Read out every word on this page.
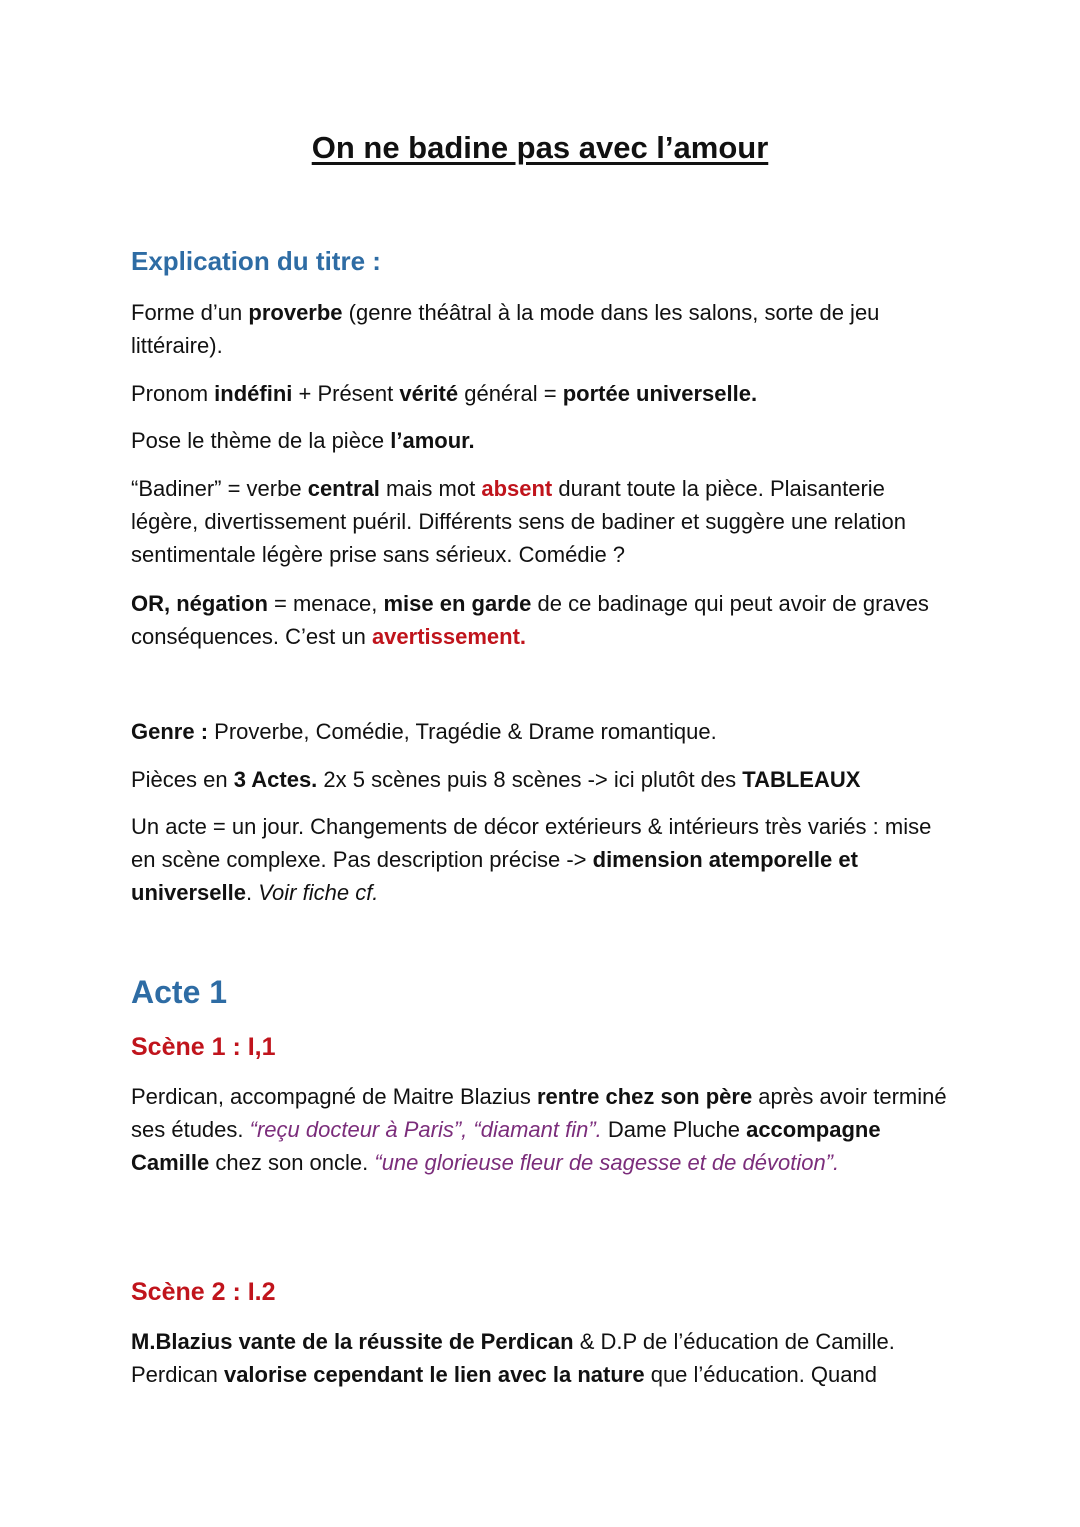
On ne badine pas avec l’amour
Explication du titre :

Forme d’un proverbe (genre théâtral à la mode dans les salons, sorte de jeu littéraire).

Pronom indéfini + Présent vérité général = portée universelle.

Pose le thème de la pièce l’amour.

“Badiner” = verbe central mais mot absent durant toute la pièce. Plaisanterie légère, divertissement puéril. Différents sens de badiner et suggère une relation sentimentale légère prise sans sérieux. Comédie ?

OR, négation = menace, mise en garde de ce badinage qui peut avoir de graves conséquences. C’est un avertissement.

Genre : Proverbe, Comédie, Tragédie & Drame romantique.

Pièces en 3 Actes. 2x 5 scènes puis 8 scènes -> ici plutôt des TABLEAUX

Un acte = un jour. Changements de décor extérieurs & intérieurs très variés : mise en scène complexe. Pas description précise -> dimension atemporelle et universelle. Voir fiche cf.

Acte 1
Scène 1 : I,1

Perdican, accompagné de Maitre Blazius rentre chez son père après avoir terminé ses études. “reçu docteur à Paris”, “diamant fin”. Dame Pluche accompagne Camille chez son oncle. “une glorieuse fleur de sagesse et de dévotion”.

Scène 2 : I.2

M.Blazius vante de la réussite de Perdican & D.P de l’éducation de Camille. Perdican valorise cependant le lien avec la nature que l’éducation. Quand
